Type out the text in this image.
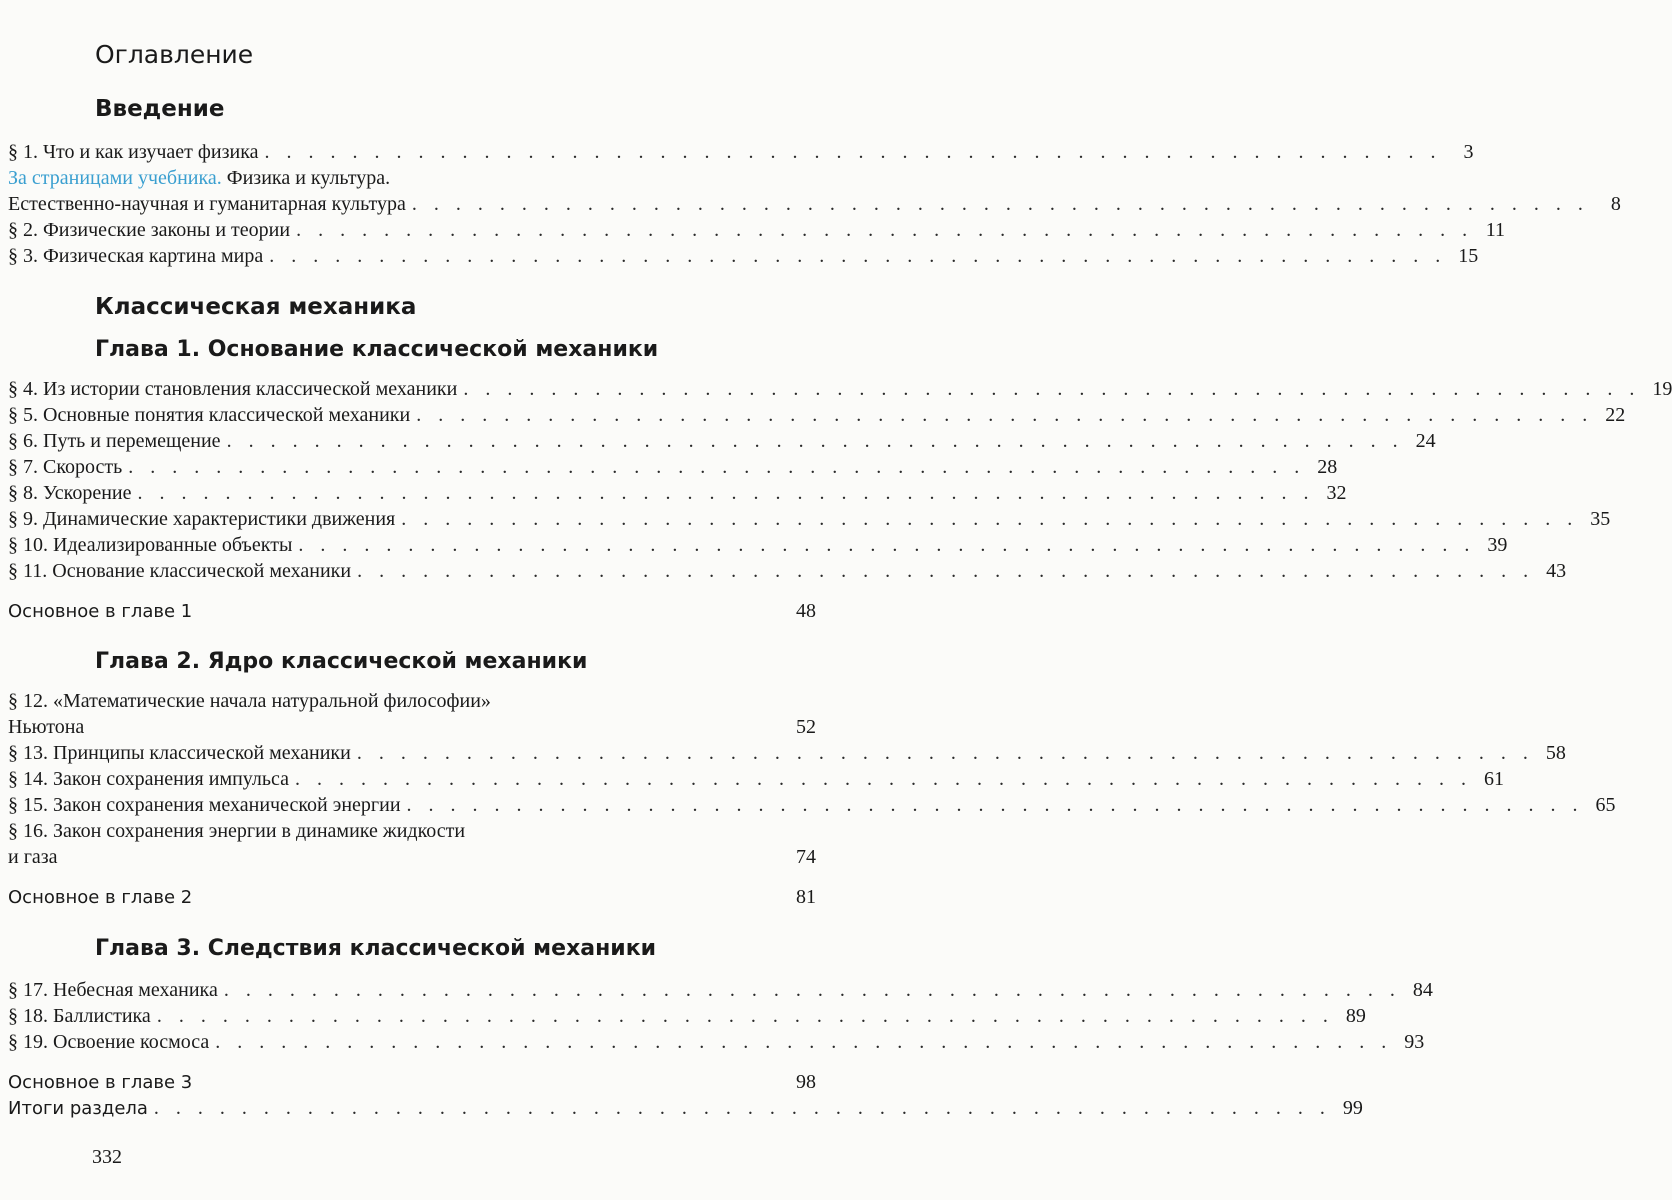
Оглавление
Введение
§ 1. Что и как изучает физика . . . . . . . . . . . . . . . . . . . . . . . . . . . . . . . . . . . . . . . . . . . . . . . . . . . . . .	3
За страницами учебника. Физика и культура.
Естественно-научная и гуманитарная культура . . . . . . . . . . . . . . . . . . . . . . . . . . . . . . . . . . . . . . . . . . . . . . . . . . . . . .	8
§ 2. Физические законы и теории . . . . . . . . . . . . . . . . . . . . . . . . . . . . . . . . . . . . . . . . . . . . . . . . . . . . . . 11
§ 3. Физическая картина мира . . . . . . . . . . . . . . . . . . . . . . . . . . . . . . . . . . . . . . . . . . . . . . . . . . . . . . 15
Классическая механика
Глава 1. Основание классической механики
§ 4. Из истории становления классической механики . . . . . . . . . . . . . . . . . . . . . . . . . . . . . . . . . . . . . . . . . . . . . . . . . . . . . . 19
§ 5. Основные понятия классической механики . . . . . . . . . . . . . . . . . . . . . . . . . . . . . . . . . . . . . . . . . . . . . . . . . . . . . . 22
§ 6. Путь и перемещение . . . . . . . . . . . . . . . . . . . . . . . . . . . . . . . . . . . . . . . . . . . . . . . . . . . . . . 24
§ 7. Скорость . . . . . . . . . . . . . . . . . . . . . . . . . . . . . . . . . . . . . . . . . . . . . . . . . . . . . . 28
§ 8. Ускорение . . . . . . . . . . . . . . . . . . . . . . . . . . . . . . . . . . . . . . . . . . . . . . . . . . . . . . 32
§ 9. Динамические характеристики движения . . . . . . . . . . . . . . . . . . . . . . . . . . . . . . . . . . . . . . . . . . . . . . . . . . . . . . 35
§ 10. Идеализированные объекты . . . . . . . . . . . . . . . . . . . . . . . . . . . . . . . . . . . . . . . . . . . . . . . . . . . . . . 39
§ 11. Основание классической механики . . . . . . . . . . . . . . . . . . . . . . . . . . . . . . . . . . . . . . . . . . . . . . . . . . . . . . 43
Основное в главе 1	48
Глава 2. Ядро классической механики
§ 12. «Математические начала натуральной философии»
Ньютона	52
§ 13. Принципы классической механики . . . . . . . . . . . . . . . . . . . . . . . . . . . . . . . . . . . . . . . . . . . . . . . . . . . . . . 58
§ 14. Закон сохранения импульса . . . . . . . . . . . . . . . . . . . . . . . . . . . . . . . . . . . . . . . . . . . . . . . . . . . . . . 61
§ 15. Закон сохранения механической энергии . . . . . . . . . . . . . . . . . . . . . . . . . . . . . . . . . . . . . . . . . . . . . . . . . . . . . . 65
§ 16. Закон сохранения энергии в динамике жидкости
и газа	74
Основное в главе 2	81
Глава 3. Следствия классической механики
§ 17. Небесная механика . . . . . . . . . . . . . . . . . . . . . . . . . . . . . . . . . . . . . . . . . . . . . . . . . . . . . . 84
§ 18. Баллистика . . . . . . . . . . . . . . . . . . . . . . . . . . . . . . . . . . . . . . . . . . . . . . . . . . . . . . 89
§ 19. Освоение космоса . . . . . . . . . . . . . . . . . . . . . . . . . . . . . . . . . . . . . . . . . . . . . . . . . . . . . . 93
Основное в главе 3	98
Итоги раздела . . . . . . . . . . . . . . . . . . . . . . . . . . . . . . . . . . . . . . . . . . . . . . . . . . . . . . 99
332
